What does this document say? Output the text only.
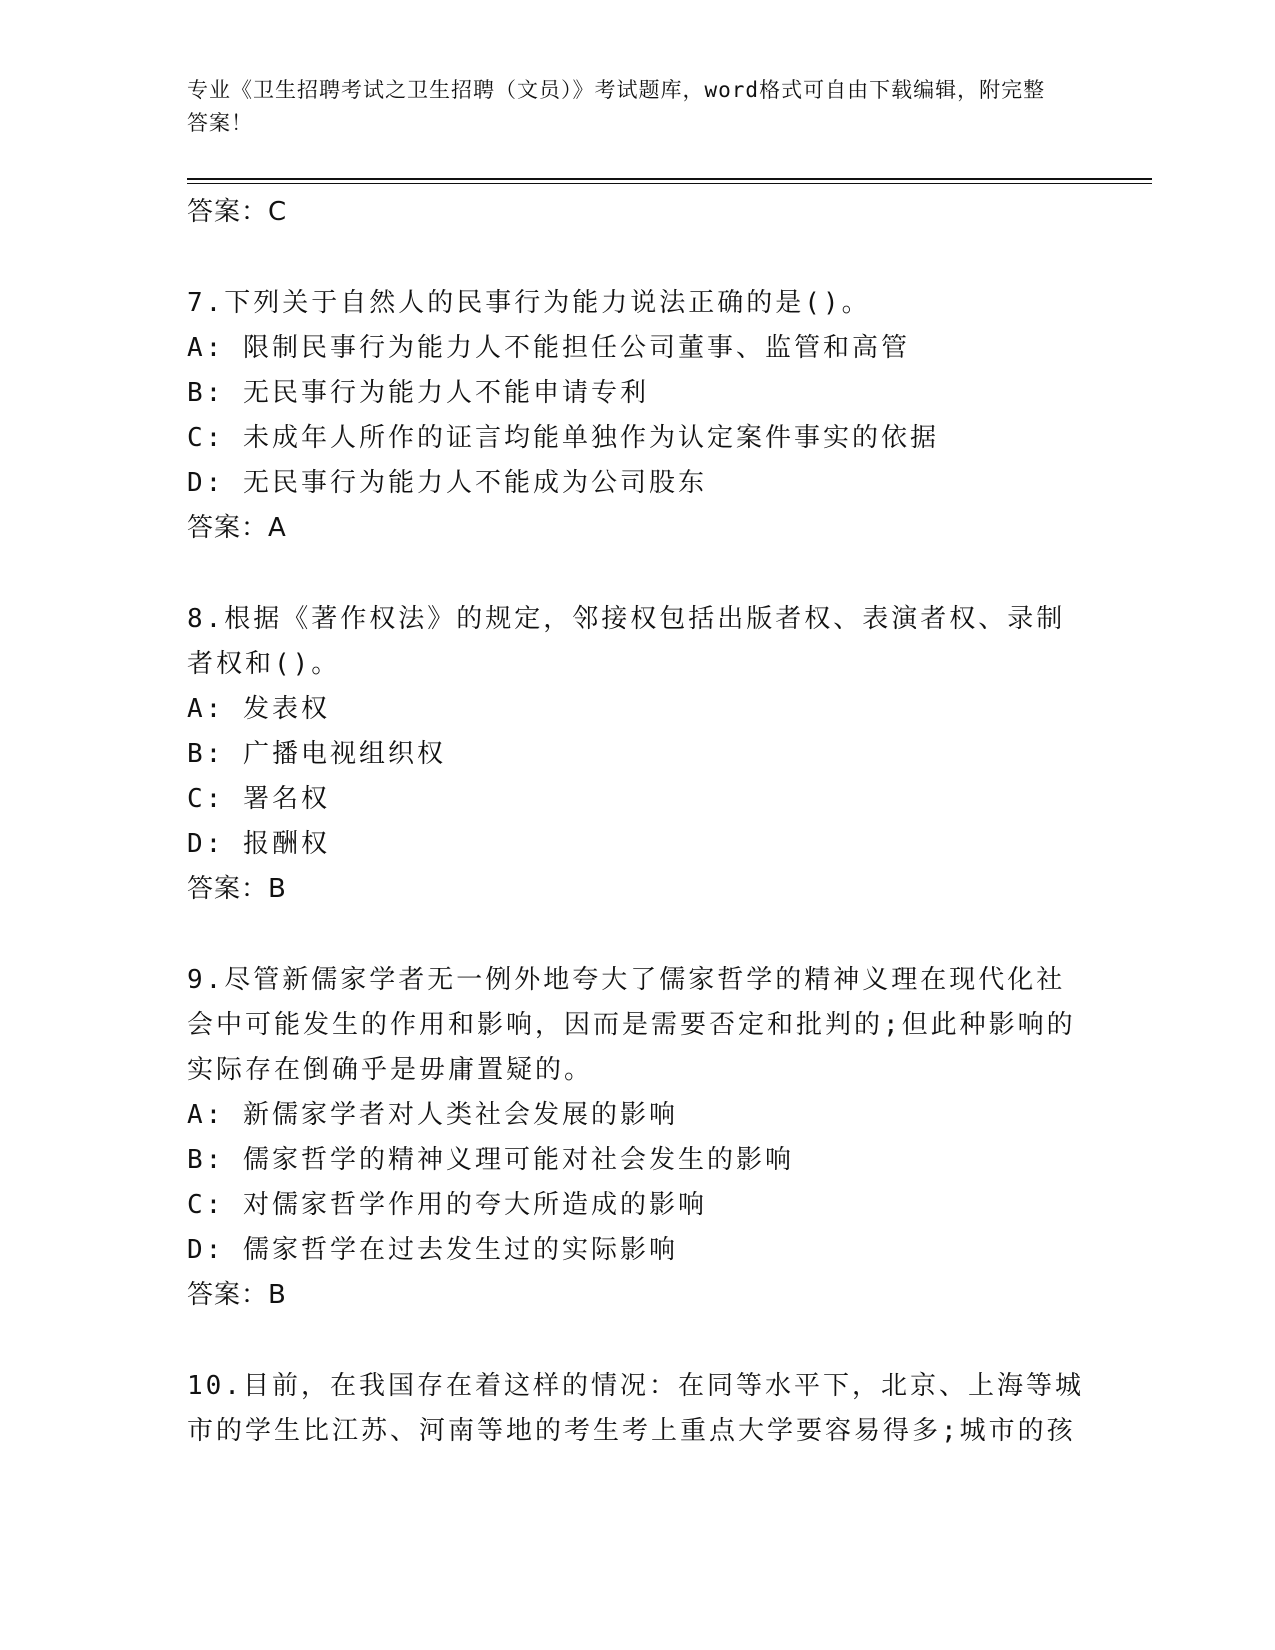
专业《卫生招聘考试之卫生招聘（文员）》考试题库，word格式可自由下载编辑，附完整答案！

答案：C

7.下列关于自然人的民事行为能力说法正确的是()。

A: 限制民事行为能力人不能担任公司董事、监管和高管

B: 无民事行为能力人不能申请专利

C: 未成年人所作的证言均能单独作为认定案件事实的依据

D: 无民事行为能力人不能成为公司股东

答案：A

8.根据《著作权法》的规定，邻接权包括出版者权、表演者权、录制者权和()。

A: 发表权

B: 广播电视组织权

C: 署名权

D: 报酬权

答案：B

9.尽管新儒家学者无一例外地夸大了儒家哲学的精神义理在现代化社会中可能发生的作用和影响，因而是需要否定和批判的;但此种影响的实际存在倒确乎是毋庸置疑的。

A: 新儒家学者对人类社会发展的影响

B: 儒家哲学的精神义理可能对社会发生的影响

C: 对儒家哲学作用的夸大所造成的影响

D: 儒家哲学在过去发生过的实际影响

答案：B

10.目前，在我国存在着这样的情况：在同等水平下，北京、上海等城市的学生比江苏、河南等地的考生考上重点大学要容易得多;城市的孩
